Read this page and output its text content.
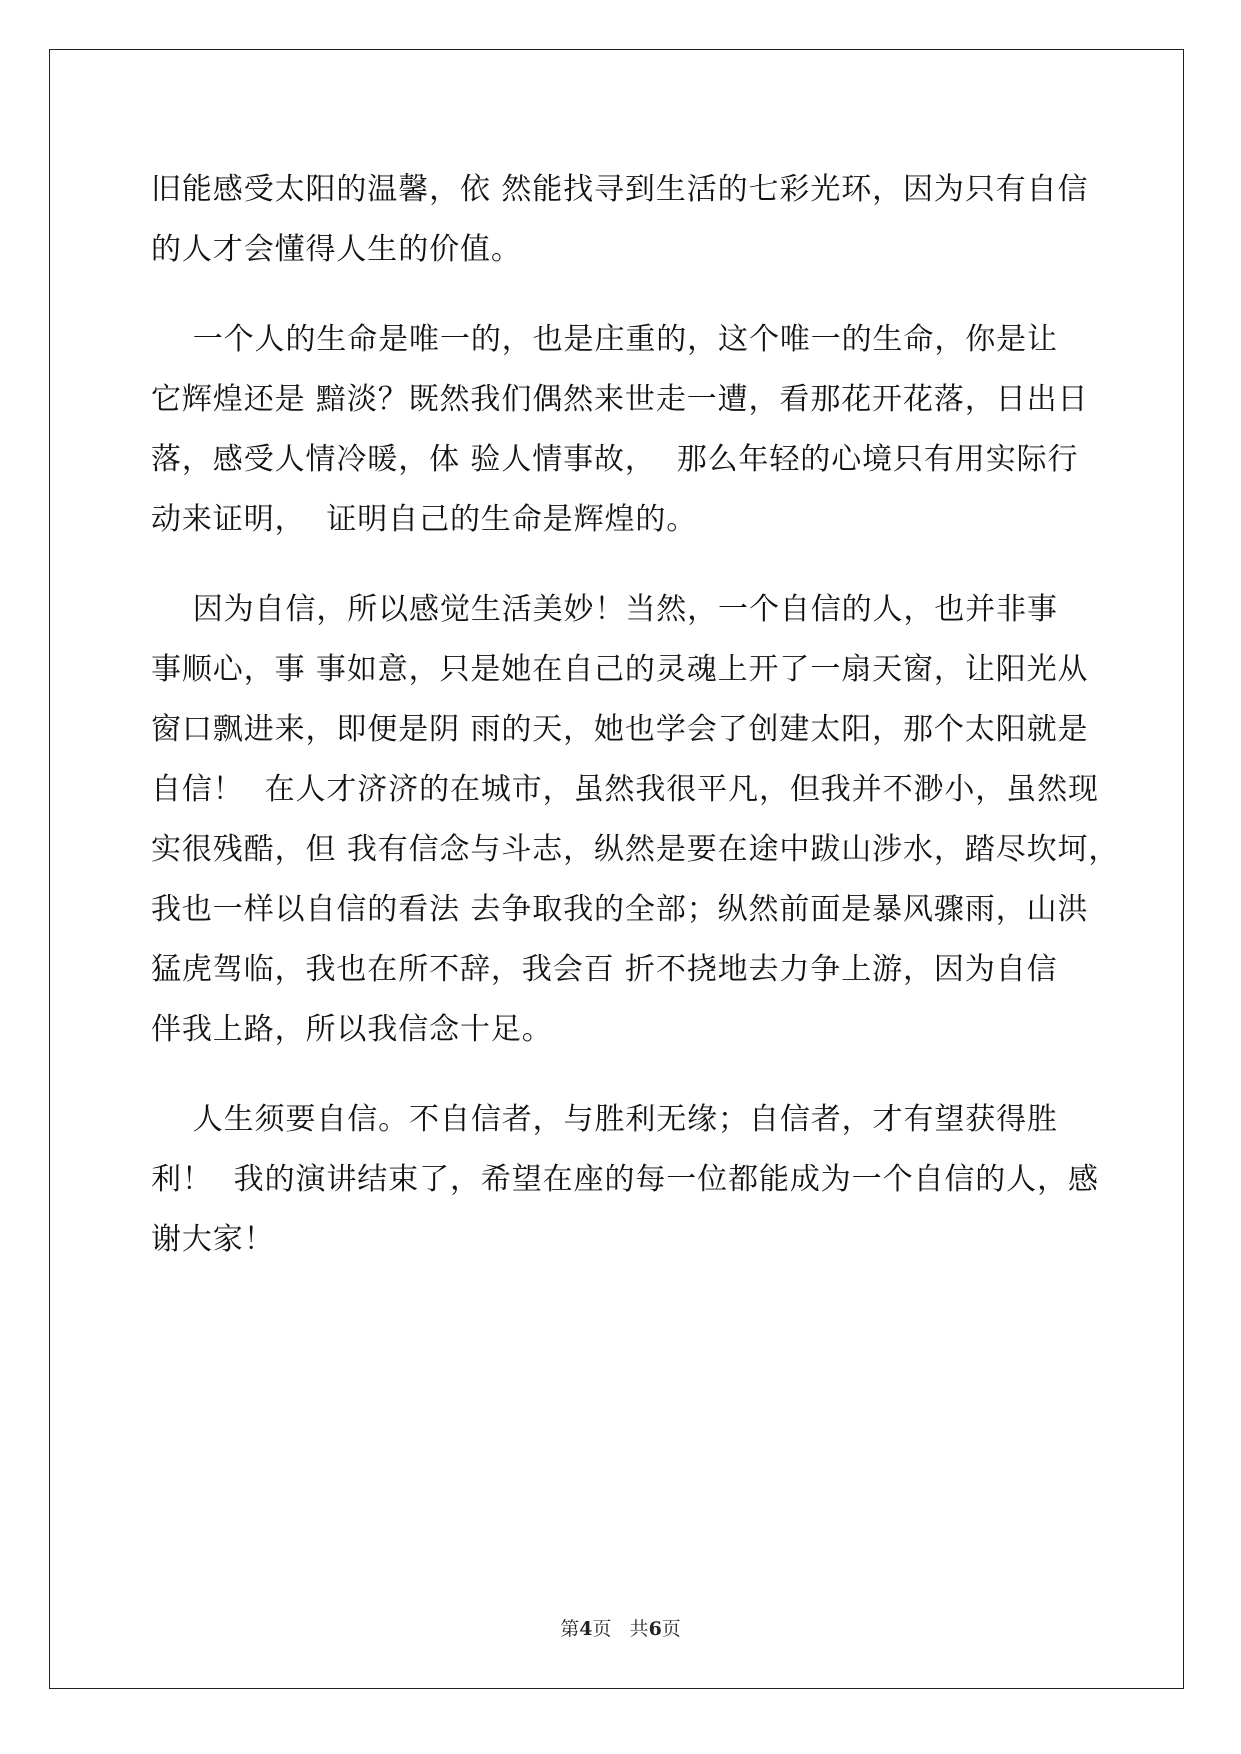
旧能感受太阳的温馨，依 然能找寻到生活的七彩光环，因为只有自信
的人才会懂得人生的价值。
一个人的生命是唯一的，也是庄重的，这个唯一的生命，你是让
它辉煌还是 黯淡？既然我们偶然来世走一遭，看那花开花落，日出日
落，感受人情冷暖，体 验人情事故，  那么年轻的心境只有用实际行
动来证明，  证明自己的生命是辉煌的。
因为自信，所以感觉生活美妙！当然，一个自信的人，也并非事
事顺心，事 事如意，只是她在自己的灵魂上开了一扇天窗，让阳光从
窗口飘进来，即便是阴 雨的天，她也学会了创建太阳，那个太阳就是
自信！  在人才济济的在城市，虽然我很平凡，但我并不渺小，虽然现
实很残酷，但 我有信念与斗志，纵然是要在途中跋山涉水，踏尽坎坷，
我也一样以自信的看法 去争取我的全部；纵然前面是暴风骤雨，山洪
猛虎驾临，我也在所不辞，我会百 折不挠地去力争上游，因为自信
伴我上路，所以我信念十足。
人生须要自信。不自信者，与胜利无缘；自信者，才有望获得胜
利！  我的演讲结束了，希望在座的每一位都能成为一个自信的人，感
谢大家！
第4页   共6页
